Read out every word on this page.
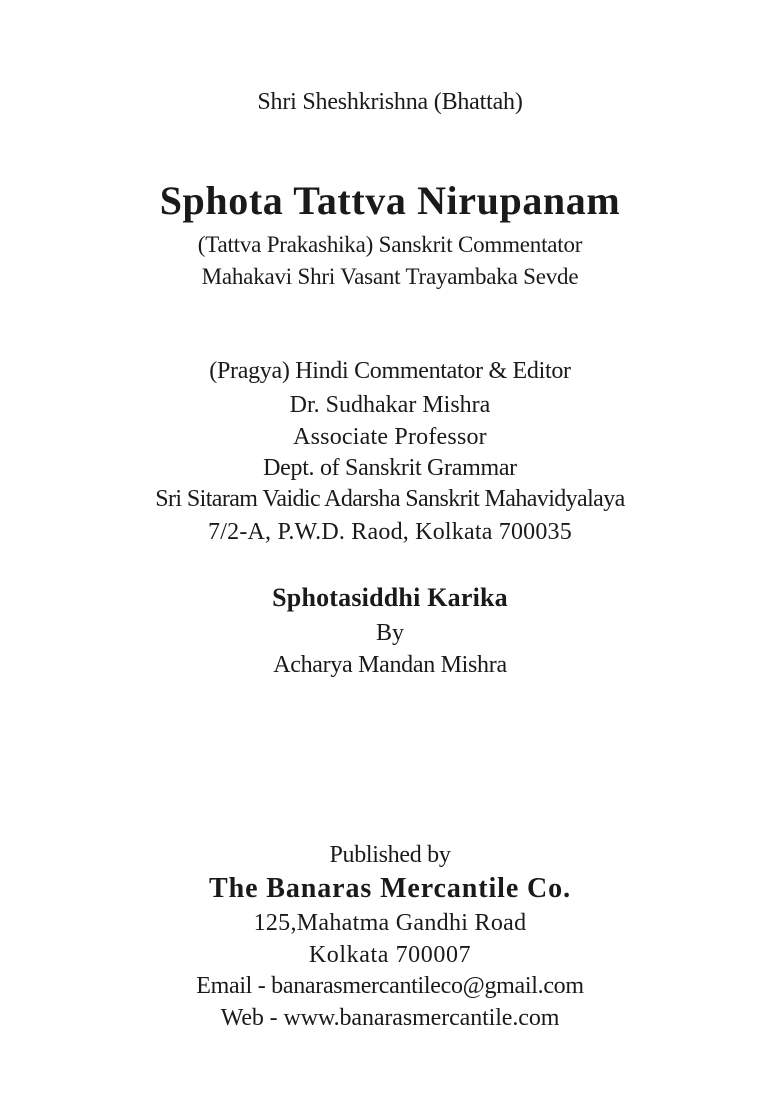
Shri Sheshkrishna (Bhattah)
Sphota Tattva Nirupanam
(Tattva Prakashika) Sanskrit Commentator
Mahakavi Shri Vasant Trayambaka Sevde
(Pragya) Hindi Commentator & Editor
Dr. Sudhakar Mishra
Associate Professor
Dept. of Sanskrit Grammar
Sri Sitaram Vaidic Adarsha Sanskrit Mahavidyalaya
7/2-A, P.W.D. Raod, Kolkata 700035
Sphotasiddhi Karika
By
Acharya Mandan Mishra
Published by
The Banaras Mercantile Co.
125,Mahatma Gandhi Road
Kolkata 700007
Email - banarasmercantileco@gmail.com
Web - www.banarasmercantile.com
